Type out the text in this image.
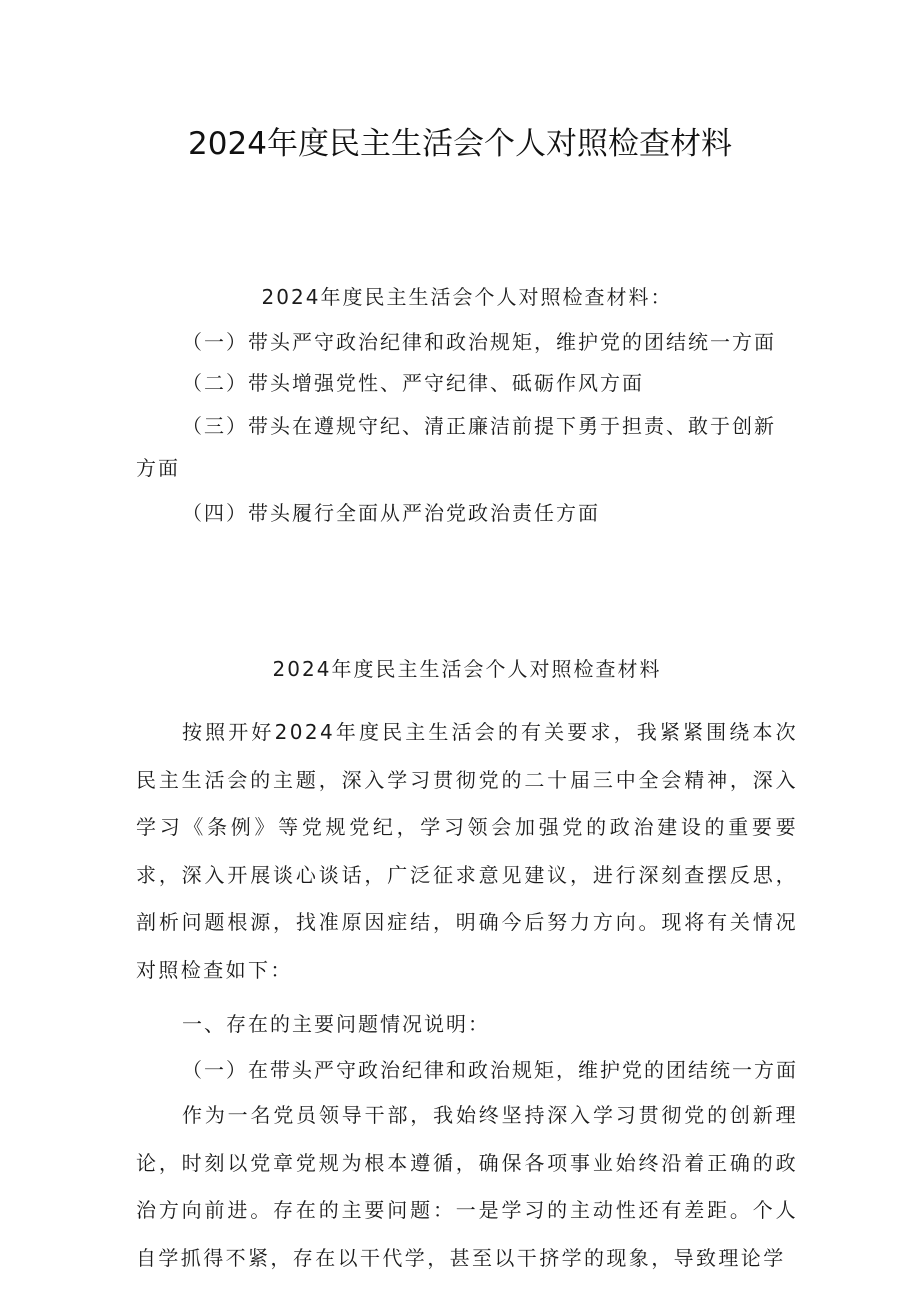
2024年度民主生活会个人对照检查材料
2024年度民主生活会个人对照检查材料：
（一）带头严守政治纪律和政治规矩，维护党的团结统一方面
（二）带头增强党性、严守纪律、砥砺作风方面
（三）带头在遵规守纪、清正廉洁前提下勇于担责、敢于创新方面
（四）带头履行全面从严治党政治责任方面
2024年度民主生活会个人对照检查材料
按照开好2024年度民主生活会的有关要求，我紧紧围绕本次民主生活会的主题，深入学习贯彻党的二十届三中全会精神，深入学习《条例》等党规党纪，学习领会加强党的政治建设的重要要求，深入开展谈心谈话，广泛征求意见建议，进行深刻查摆反思，剖析问题根源，找准原因症结，明确今后努力方向。现将有关情况对照检查如下：
一、存在的主要问题情况说明：
（一）在带头严守政治纪律和政治规矩，维护党的团结统一方面
作为一名党员领导干部，我始终坚持深入学习贯彻党的创新理论，时刻以党章党规为根本遵循，确保各项事业始终沿着正确的政治方向前进。存在的主要问题：一是学习的主动性还有差距。个人自学抓得不紧，存在以干代学，甚至以干挤学的现象，导致理论学
